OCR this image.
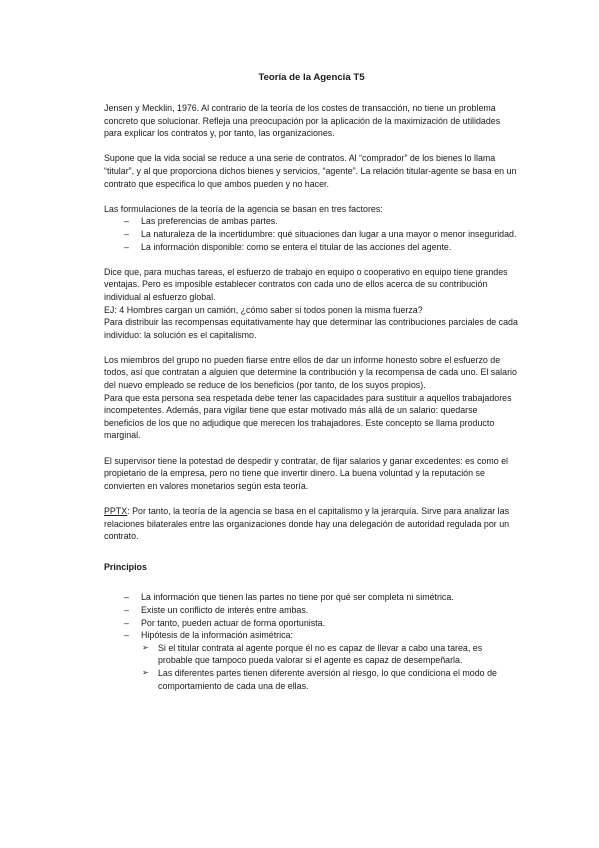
Teoría de la Agencia T5

Jensen y Mecklin, 1976. Al contrario de la teoría de los costes de transacción, no tiene un problema concreto que solucionar. Refleja una preocupación por la aplicación de la maximización de utilidades para explicar los contratos y, por tanto, las organizaciones.

Supone que la vida social se reduce a una serie de contratos. Al “comprador” de los bienes lo llama “titular”, y al que proporciona dichos bienes y servicios, “agente”. La relación titular-agente se basa en un contrato que especifica lo que ambos pueden y no hacer.

Las formulaciones de la teoría de la agencia se basan en tres factores:

– Las preferencias de ambas partes.
– La naturaleza de la incertidumbre: qué situaciones dan lugar a una mayor o menor inseguridad.
– La información disponible: como se entera el titular de las acciones del agente.

Dice que, para muchas tareas, el esfuerzo de trabajo en equipo o cooperativo en equipo tiene grandes ventajas. Pero es imposible establecer contratos con cada uno de ellos acerca de su contribución individual al esfuerzo global.

EJ: 4 Hombres cargan un camión, ¿cómo saber si todos ponen la misma fuerza?

Para distribuir las recompensas equitativamente hay que determinar las contribuciones parciales de cada individuo: la solución es el capitalismo.

Los miembros del grupo no pueden fiarse entre ellos de dar un informe honesto sobre el esfuerzo de todos, así que contratan a alguien que determine la contribución y la recompensa de cada uno. El salario del nuevo empleado se reduce de los beneficios (por tanto, de los suyos propios).

Para que esta persona sea respetada debe tener las capacidades para sustituir a aquellos trabajadores incompetentes. Además, para vigilar tiene que estar motivado más allá de un salario: quedarse beneficios de los que no adjudique que merecen los trabajadores. Este concepto se llama producto marginal.

El supervisor tiene la potestad de despedir y contratar, de fijar salarios y ganar excedentes: es como el propietario de la empresa, pero no tiene que invertir dinero. La buena voluntad y la reputación se convierten en valores monetarios según esta teoría.

PPTX: Por tanto, la teoría de la agencia se basa en el capitalismo y la jerarquía. Sirve para analizar las relaciones bilaterales entre las organizaciones donde hay una delegación de autoridad regulada por un contrato.

Principios

– La información que tienen las partes no tiene por qué ser completa ni simétrica.
– Existe un conflicto de interés entre ambas.
– Por tanto, pueden actuar de forma oportunista.
– Hipótesis de la información asimétrica:
➢ Si el titular contrata al agente porque él no es capaz de llevar a cabo una tarea, es probable que tampoco pueda valorar si el agente es capaz de desempeñarla.
➢ Las diferentes partes tienen diferente aversión al riesgo, lo que condiciona el modo de comportamiento de cada una de ellas.
